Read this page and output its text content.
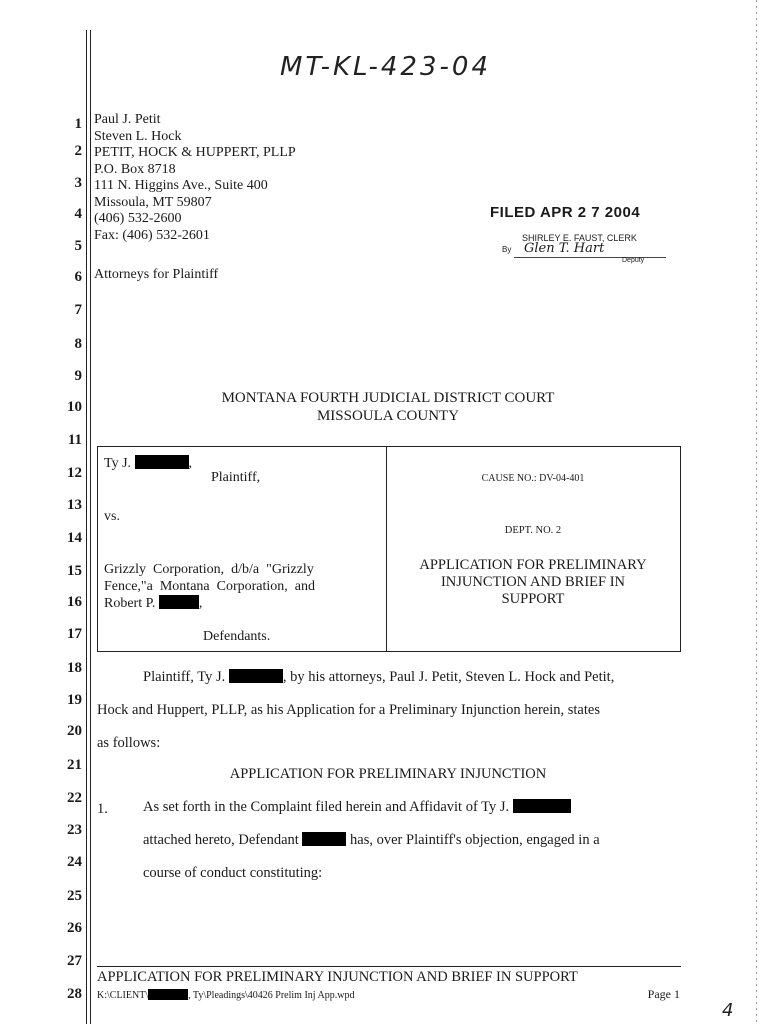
MT-KL-423-04
1
2
3
4
5
6
7
8
9
10
11
12
13
14
15
16
17
18
19
20
21
22
23
24
25
26
27
28
Paul J. Petit
Steven L. Hock
PETIT, HOCK & HUPPERT, PLLP
P.O. Box 8718
111 N. Higgins Ave., Suite 400
Missoula, MT 59807
(406) 532-2600
Fax: (406) 532-2601
Attorneys for Plaintiff
FILED APR 2 7 2004
SHIRLEY E. FAUST, CLERK
By Glen T. Hart
Deputy
MONTANA FOURTH JUDICIAL DISTRICT COURT
MISSOULA COUNTY
Ty J.	,
Plaintiff,
vs.
Grizzly  Corporation,  d/b/a  "Grizzly
Fence,"a  Montana  Corporation,  and
Robert P.	,
Defendants.
CAUSE NO.: DV-04-401
DEPT. NO. 2
APPLICATION FOR PRELIMINARY
INJUNCTION AND BRIEF IN
SUPPORT
Plaintiff, Ty J.	, by his attorneys, Paul J. Petit, Steven L. Hock and Petit,
Hock and Huppert, PLLP, as his Application for a Preliminary Injunction herein, states
as follows:
APPLICATION FOR PRELIMINARY INJUNCTION
1. As set forth in the Complaint filed herein and Affidavit of Ty J.
attached hereto, Defendant	has, over Plaintiff's objection, engaged in a
course of conduct constituting:
APPLICATION FOR PRELIMINARY INJUNCTION AND BRIEF IN SUPPORT
K:\CLIENT\	, Ty\Pleadings\40426 Prelim Inj App.wpd	Page 1
4
